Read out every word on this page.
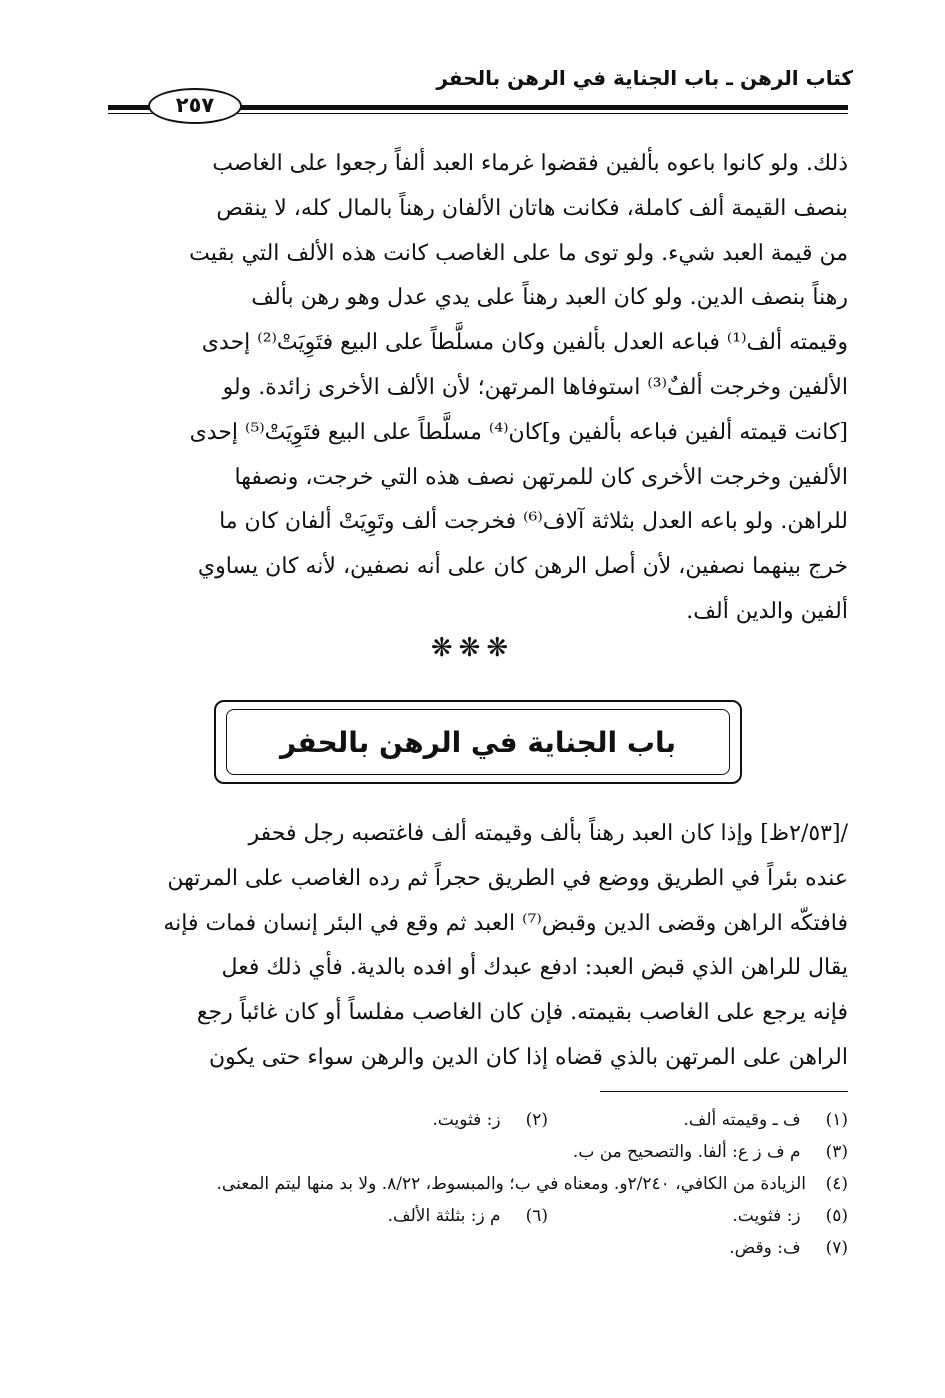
كتاب الرهن ـ باب الجناية في الرهن بالحفر
٢٥٧

ذلك. ولو كانوا باعوه بألفين فقضوا غرماء العبد ألفاً رجعوا على الغاصب

بنصف القيمة ألف كاملة، فكانت هاتان الألفان رهناً بالمال كله، لا ينقص

من قيمة العبد شيء. ولو توى ما على الغاصب كانت هذه الألف التي بقيت

رهناً بنصف الدين. ولو كان العبد رهناً على يدي عدل وهو رهن بألف

وقيمته ألف⁽¹⁾ فباعه العدل بألفين وكان مسلَّطاً على البيع فتَوِيَتْ⁽²⁾ إحدى

الألفين وخرجت ألفٌ⁽³⁾ استوفاها المرتهن؛ لأن الألف الأخرى زائدة. ولو

[كانت قيمته ألفين فباعه بألفين و]كان⁽⁴⁾ مسلَّطاً على البيع فتَوِيَتْ⁽⁵⁾ إحدى

الألفين وخرجت الأخرى كان للمرتهن نصف هذه التي خرجت، ونصفها

للراهن. ولو باعه العدل بثلاثة آلاف⁽⁶⁾ فخرجت ألف وتَوِيَتْ ألفان كان ما

خرج بينهما نصفين، لأن أصل الرهن كان على أنه نصفين، لأنه كان يساوي

ألفين والدين ألف.

❋❋❋
باب الجناية في الرهن بالحفر

/[٢/٥٣ظ] وإذا كان العبد رهناً بألف وقيمته ألف فاغتصبه رجل فحفر

عنده بئراً في الطريق ووضع في الطريق حجراً ثم رده الغاصب على المرتهن

فافتكّه الراهن وقضى الدين وقبض⁽⁷⁾ العبد ثم وقع في البئر إنسان فمات فإنه

يقال للراهن الذي قبض العبد: ادفع عبدك أو افده بالدية. فأي ذلك فعل

فإنه يرجع على الغاصب بقيمته. فإن كان الغاصب مفلساً أو كان غائباً رجع

الراهن على المرتهن بالذي قضاه إذا كان الدين والرهن سواء حتى يكون

(١) ف ـ وقيمته ألف.
(٢) ز: فثويت.
(٣) م ف ز ع: ألفا. والتصحيح من ب.
(٤)
الزيادة من الكافي، ٢/٢٤٠و. ومعناه في ب؛ والمبسوط، ٨/٢٢. ولا بد منها ليتم المعنى.
(٥) ز: فثويت.
(٦) م ز: بثلثة الألف.
(٧) ف: وقض.
